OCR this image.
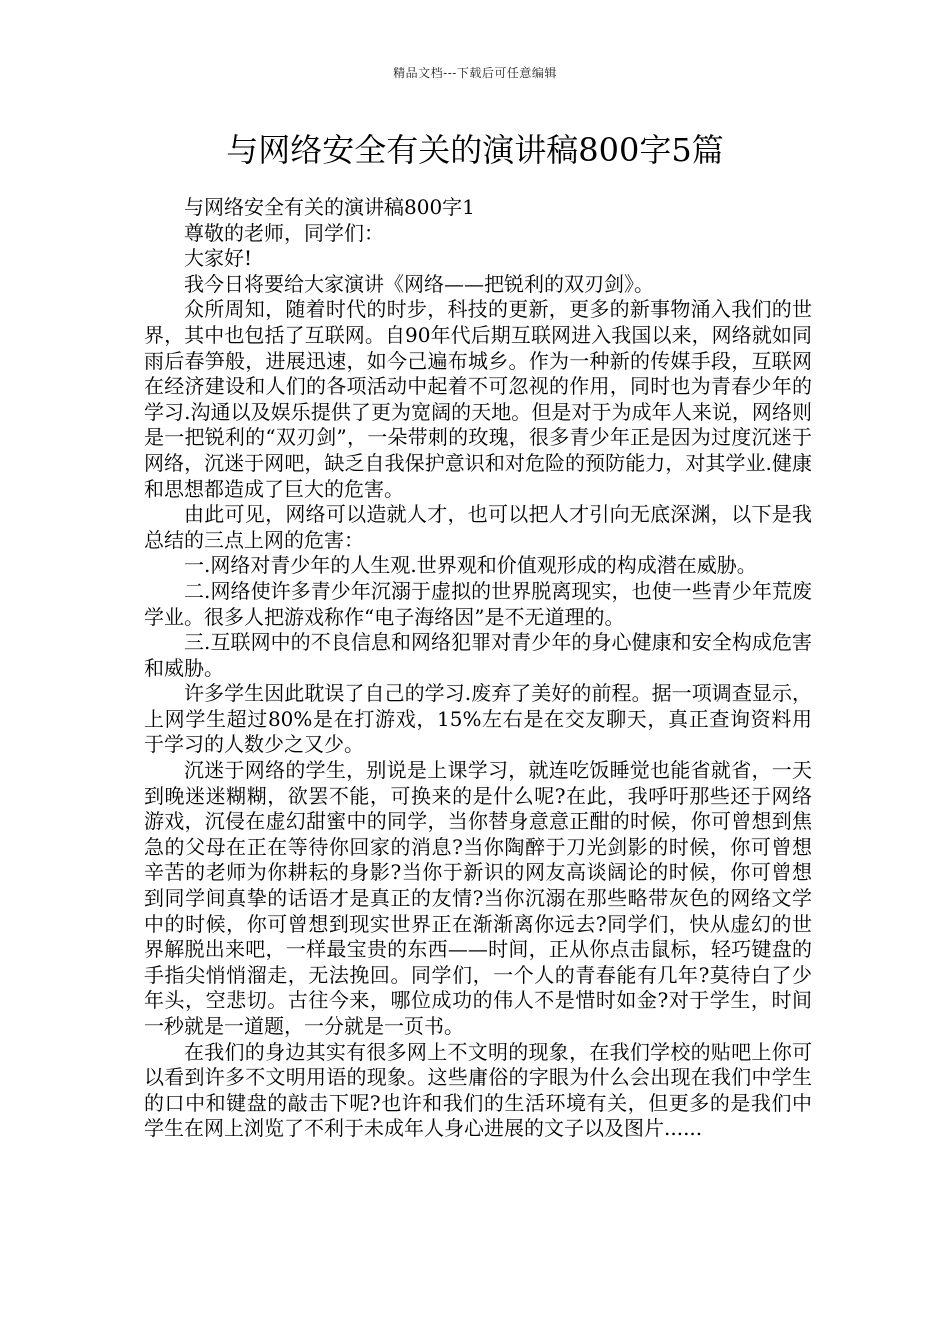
精品文档---下载后可任意编辑
与网络安全有关的演讲稿800字5篇

与网络安全有关的演讲稿800字1

尊敬的老师，同学们：

大家好!

我今日将要给大家演讲《网络——把锐利的双刃剑》。

众所周知，随着时代的时步，科技的更新，更多的新事物涌入我们的世界，其中也包括了互联网。自90年代后期互联网进入我国以来，网络就如同雨后春笋般，进展迅速，如今己遍布城乡。作为一种新的传媒手段，互联网在经济建设和人们的各项活动中起着不可忽视的作用，同时也为青春少年的学习.沟通以及娱乐提供了更为宽阔的天地。但是对于为成年人来说，网络则是一把锐利的“双刃剑”，一朵带刺的玫瑰，很多青少年正是因为过度沉迷于网络，沉迷于网吧，缺乏自我保护意识和对危险的预防能力，对其学业.健康和思想都造成了巨大的危害。

由此可见，网络可以造就人才，也可以把人才引向无底深渊，以下是我总结的三点上网的危害：

一.网络对青少年的人生观.世界观和价值观形成的构成潜在威胁。

二.网络使许多青少年沉溺于虚拟的世界脱离现实，也使一些青少年荒废学业。很多人把游戏称作“电子海络因”是不无道理的。

三.互联网中的不良信息和网络犯罪对青少年的身心健康和安全构成危害和威胁。

许多学生因此耽误了自己的学习.废弃了美好的前程。据一项调查显示，上网学生超过80%是在打游戏，15%左右是在交友聊天，真正查询资料用于学习的人数少之又少。

沉迷于网络的学生，别说是上课学习，就连吃饭睡觉也能省就省，一天到晚迷迷糊糊，欲罢不能，可换来的是什么呢?在此，我呼吁那些还于网络游戏，沉侵在虚幻甜蜜中的同学，当你替身意意正酣的时候，你可曾想到焦急的父母在正在等待你回家的消息?当你陶醉于刀光剑影的时候，你可曾想辛苦的老师为你耕耘的身影?当你于新识的网友高谈阔论的时候，你可曾想到同学间真挚的话语才是真正的友情?当你沉溺在那些略带灰色的网络文学中的时候，你可曾想到现实世界正在渐渐离你远去?同学们，快从虚幻的世界解脱出来吧，一样最宝贵的东西——时间，正从你点击鼠标，轻巧键盘的手指尖悄悄溜走，无法挽回。同学们，一个人的青春能有几年?莫待白了少年头，空悲切。古往今来，哪位成功的伟人不是惜时如金?对于学生，时间一秒就是一道题，一分就是一页书。

在我们的身边其实有很多网上不文明的现象，在我们学校的贴吧上你可以看到许多不文明用语的现象。这些庸俗的字眼为什么会出现在我们中学生的口中和键盘的敲击下呢?也许和我们的生活环境有关，但更多的是我们中学生在网上浏览了不利于未成年人身心进展的文子以及图片......
